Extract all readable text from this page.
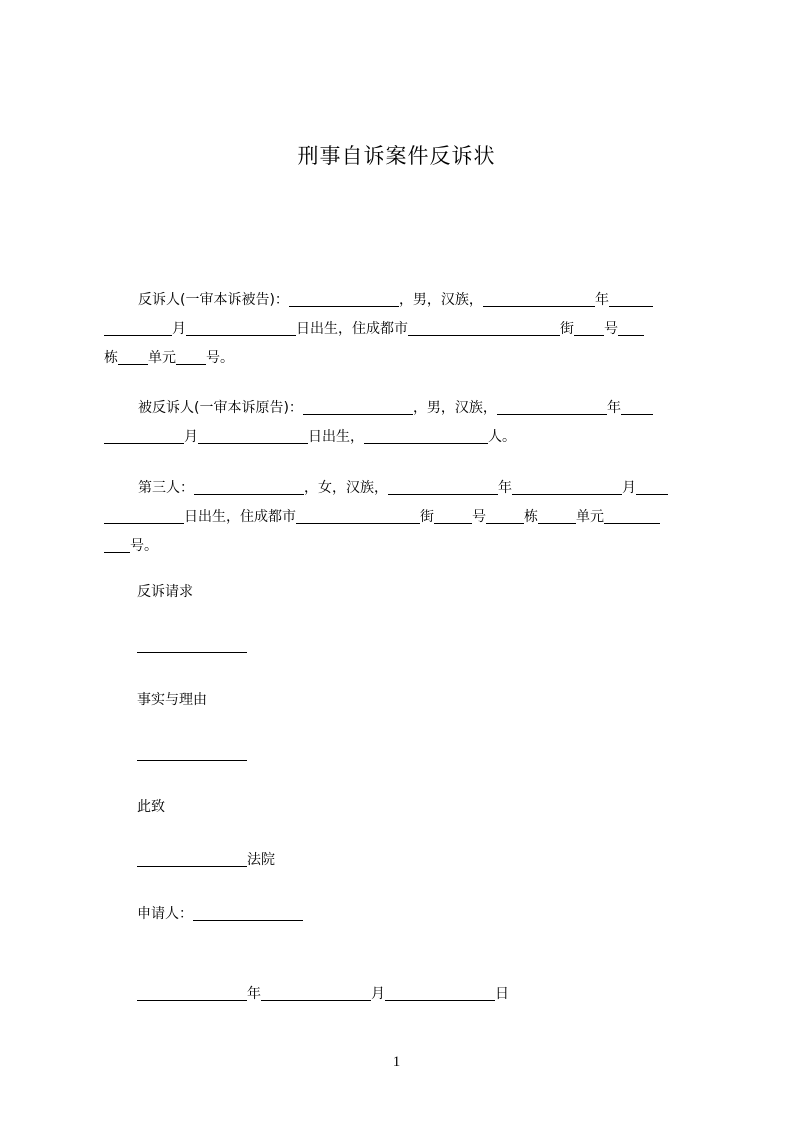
刑事自诉案件反诉状
反诉人(一审本诉被告)：	，男，汉族，	年
月	日出生，住成都市	街 号
栋 单元 号。
被反诉人(一审本诉原告)：	，男，汉族，	年
月	日出生，	人。
第三人：	，女，汉族，	年	月
日出生，住成都市	街	号	栋	单元
号。
反诉请求
事实与理由
此致
法院
申请人：
年	月	日
1
